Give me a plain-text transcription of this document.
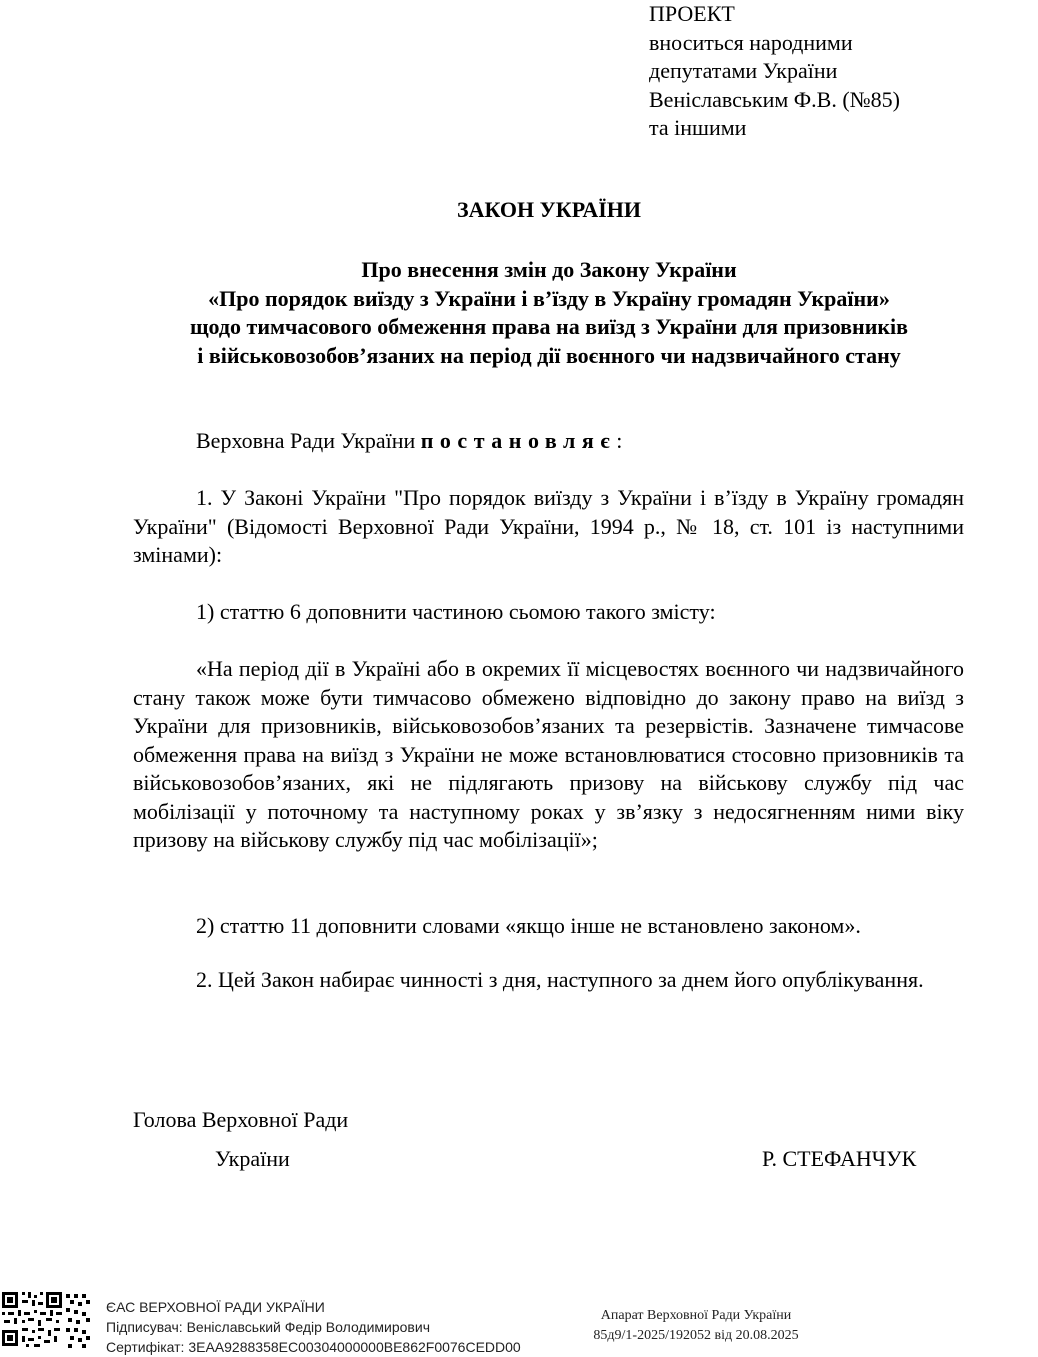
ПРОЕКТ
вноситься народними
депутатами України
Веніславським Ф.В. (№85)
та іншими
ЗАКОН УКРАЇНИ
Про внесення змін до Закону України
«Про порядок виїзду з України і в’їзду в Україну громадян України»
щодо тимчасового обмеження права на виїзд з України для призовників
і військовозобов’язаних на період дії воєнного чи надзвичайного стану
Верховна Ради України постановляє:
1. У Законі України "Про порядок виїзду з України і в’їзду в Україну громадян України" (Відомості Верховної Ради України, 1994 р., № 18, ст. 101 із наступними змінами):
1) статтю 6 доповнити частиною сьомою такого змісту:
«На період дії в Україні або в окремих її місцевостях воєнного чи надзвичайного стану також може бути тимчасово обмежено відповідно до закону право на виїзд з України для призовників, військовозобов’язаних та резервістів. Зазначене тимчасове обмеження права на виїзд з України не може встановлюватися стосовно призовників та військовозобов’язаних, які не підлягають призову на військову службу під час мобілізації у поточному та наступному роках у зв’язку з недосягненням ними віку призову на військову службу під час мобілізації»;
2) статтю 11 доповнити словами «якщо інше не встановлено законом».
2. Цей Закон набирає чинності з дня, наступного за днем його опублікування.
Голова Верховної Ради
України	Р. СТЕФАНЧУК
ЄАС ВЕРХОВНОЇ РАДИ УКРАЇНИ
Підписувач: Веніславський Федір Володимирович
Сертифікат: 3EAA9288358EC00304000000BE862F0076CEDD00
Апарат Верховної Ради України
85д9/1-2025/192052 від 20.08.2025
